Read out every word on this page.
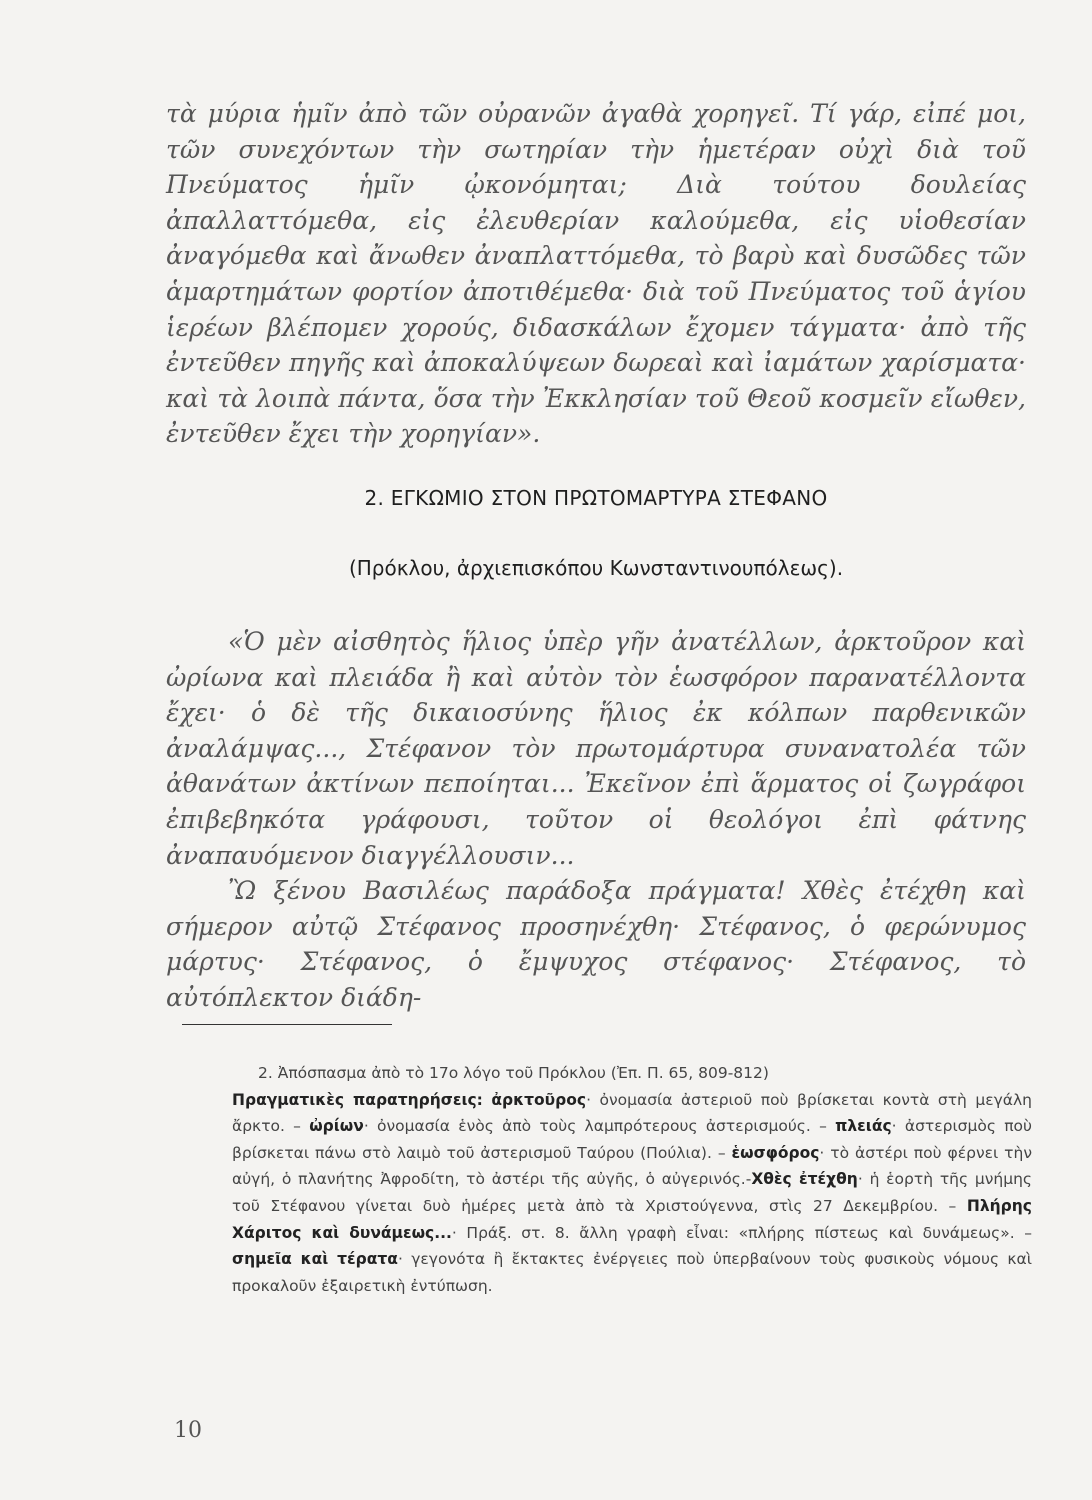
τὰ μύρια ἡμῖν ἀπὸ τῶν οὐρανῶν ἀγαθὰ χορηγεῖ. Τί γάρ, εἰπέ μοι, τῶν συνεχόντων τὴν σωτηρίαν τὴν ἡμετέραν οὐχὶ διὰ τοῦ Πνεύματος ἡμῖν ᾠκονόμηται; Διὰ τούτου δουλείας ἀπαλλαττόμεθα, εἰς ἐλευθερίαν καλούμεθα, εἰς υἱοθεσίαν ἀναγόμεθα καὶ ἄνωθεν ἀναπλαττόμεθα, τὸ βαρὺ καὶ δυσῶδες τῶν ἁμαρτημάτων φορτίον ἀποτιθέμεθα· διὰ τοῦ Πνεύματος τοῦ ἁγίου ἱερέων βλέπομεν χορούς, διδασκάλων ἔχομεν τάγματα· ἀπὸ τῆς ἐντεῦθεν πηγῆς καὶ ἀποκαλύψεων δωρεαὶ καὶ ἰαμάτων χαρίσματα· καὶ τὰ λοιπὰ πάντα, ὅσα τὴν Ἐκκλησίαν τοῦ Θεοῦ κοσμεῖν εἴωθεν, ἐντεῦθεν ἔχει τὴν χορηγίαν».

2. ΕΓΚΩΜΙΟ ΣΤΟΝ ΠΡΩΤΟΜΑΡΤΥΡΑ ΣΤΕΦΑΝΟ
(Πρόκλου, ἀρχιεπισκόπου Κωνσταντινουπόλεως).

«Ὁ μὲν αἰσθητὸς ἥλιος ὑπὲρ γῆν ἀνατέλλων, ἀρκτοῦρον καὶ ὠρίωνα καὶ πλειάδα ἢ καὶ αὐτὸν τὸν ἑωσφόρον παρανατέλλοντα ἔχει· ὁ δὲ τῆς δικαιοσύνης ἥλιος ἐκ κόλπων παρθενικῶν ἀναλάμψας..., Στέφανον τὸν πρωτομάρτυρα συνανατολέα τῶν ἀθανάτων ἀκτίνων πεποίηται... Ἐκεῖνον ἐπὶ ἅρματος οἱ ζωγράφοι ἐπιβεβηκότα γράφουσι, τοῦτον οἱ θεολόγοι ἐπὶ φάτνης ἀναπαυόμενον διαγγέλλουσιν...

Ὢ ξένου Βασιλέως παράδοξα πράγματα! Χθὲς ἐτέχθη καὶ σήμερον αὐτῷ Στέφανος προσηνέχθη· Στέφανος, ὁ φερώνυμος μάρτυς· Στέφανος, ὁ ἔμψυχος στέφανος· Στέφανος, τὸ αὐτόπλεκτον διάδη-

2. Ἀπόσπασμα ἀπὸ τὸ 17ο λόγο τοῦ Πρόκλου (Ἐπ. Π. 65, 809-812)
Πραγματικὲς παρατηρήσεις: ἀρκτοῦρος· ὀνομασία ἀστεριοῦ ποὺ βρίσκεται κοντὰ στὴ μεγάλη ἄρκτο. – ὠρίων· ὀνομασία ἑνὸς ἀπὸ τοὺς λαμπρότερους ἀστερισμούς. – πλειάς· ἀστερισμὸς ποὺ βρίσκεται πάνω στὸ λαιμὸ τοῦ ἀστερισμοῦ Ταύρου (Πούλια). – ἑωσφόρος· τὸ ἀστέρι ποὺ φέρνει τὴν αὐγή, ὁ πλανήτης Ἀφροδίτη, τὸ ἀστέρι τῆς αὐγῆς, ὁ αὐγερινός.-Χθὲς ἐτέχθη· ἡ ἑορτὴ τῆς μνήμης τοῦ Στέφανου γίνεται δυὸ ἡμέρες μετὰ ἀπὸ τὰ Χριστούγεννα, στὶς 27 Δεκεμβρίου. – Πλήρης Χάριτος καὶ δυνάμεως...· Πράξ. στ. 8. ἄλλη γραφὴ εἶναι: «πλήρης πίστεως καὶ δυνάμεως». – σημεῖα καὶ τέρατα· γεγονότα ἢ ἔκτακτες ἐνέργειες ποὺ ὑπερβαίνουν τοὺς φυσικοὺς νόμους καὶ προκαλοῦν ἐξαιρετικὴ ἐντύπωση.
10
